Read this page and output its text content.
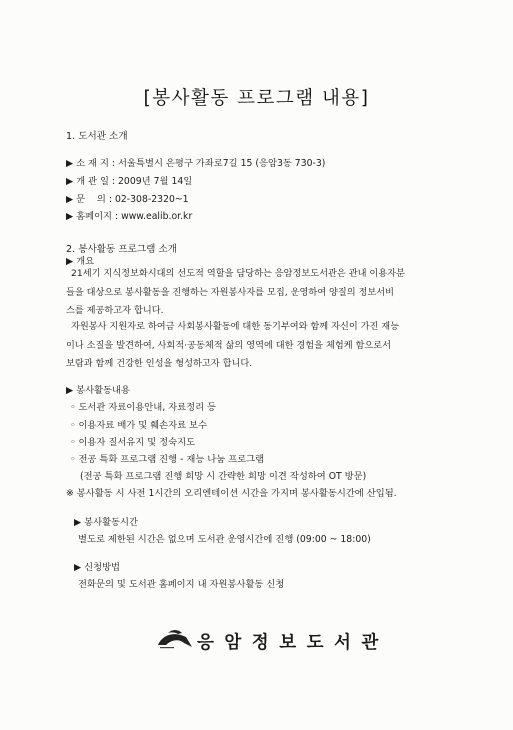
[봉사활동 프로그램 내용]
1. 도서관 소개
▶ 소 재 지 : 서울특별시 은평구 가좌로7길 15 (응암3동 730-3)
▶ 개 관 일 : 2009년 7월 14일
▶ 문    의 : 02-308-2320~1
▶ 홈페이지 : www.ealib.or.kr
2. 봉사활동 프로그램 소개
▶ 개요

21세기 지식정보화시대의 선도적 역할을 담당하는 응암정보도서관은 관내 이용자분

들을 대상으로 봉사활동을 진행하는 자원봉사자를 모집, 운영하여 양질의 정보서비

스를 제공하고자 합니다.

자원봉사 지원자로 하여금 사회봉사활동에 대한 동기부여와 함께 자신이 가진 재능

이나 소질을 발견하여, 사회적·공동체적 삶의 영역에 대한 경험을 체험케 함으로서

보람과 함께 건강한 인성을 형성하고자 합니다.

▶ 봉사활동내용
◦ 도서관 자료이용안내, 자료정리 등
◦ 이용자료 배가 및 훼손자료 보수
◦ 이용자 질서유지 및 정숙지도
◦ 전공 특화 프로그램 진행 - 재능 나눔 프로그램
(전공 특화 프로그램 진행 희망 시 간략한 희망 이견 작성하여 OT 방문)
※ 봉사활동 시 사전 1시간의 오리엔테이션 시간을 가지며 봉사활동시간에 산입됨.
▶ 봉사활동시간
별도로 제한된 시간은 없으며 도서관 운영시간에 진행 (09:00 ~ 18:00)
▶ 신청방법
전화문의 및 도서관 홈페이지 내 자원봉사활동 신청
응암정보도서관
